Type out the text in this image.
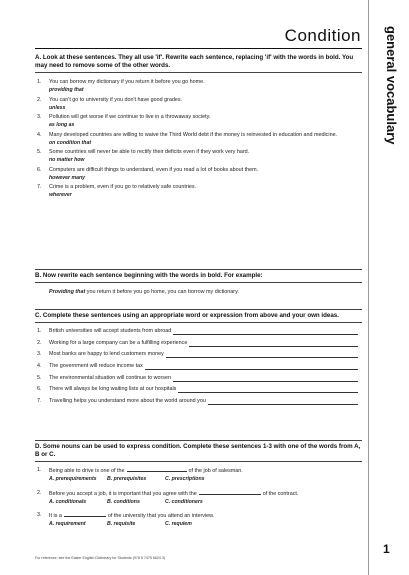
general vocabulary
Condition
A. Look at these sentences. They all use 'if'. Rewrite each sentence, replacing 'if' with the words in bold. You may need to remove some of the other words.
1. You can borrow my dictionary if you return it before you go home.
providing that
2. You can't go to university if you don't have good grades.
unless
3. Pollution will get worse if we continue to live in a throwaway society.
as long as
4. Many developed countries are willing to waive the Third World debt if the money is reinvested in education and medicine.
on condition that
5. Some countries will never be able to rectify their deficits even if they work very hard.
no matter how
6. Computers are difficult things to understand, even if you read a lot of books about them.
however many
7. Crime is a problem, even if you go to relatively safe countries.
wherever
B. Now rewrite each sentence beginning with the words in bold. For example:
Providing that you return it before you go home, you can borrow my dictionary.
C. Complete these sentences using an appropriate word or expression from above and your own ideas.
1. British universities will accept students from abroad
2. Working for a large company can be a fulfilling experience
3. Most banks are happy to lend customers money
4. The government will reduce income tax
5. The environmental situation will continue to worsen
6. There will always be long waiting lists at our hospitals
7. Travelling helps you understand more about the world around you
D. Some nouns can be used to express condition. Complete these sentences 1-3 with one of the words from A, B or C.
1. Being able to drive is one of the	of the job of salesman.
A. prerequirements	B. prerequisites	C. prescriptions
2. Before you accept a job, it is important that you agree with the	of the contract.
A. conditionals	B. conditions	C. conditioners
3. It is a	of the university that you attend an interview.
A. requirement	B. requisite	C. requiem
1
For reference, see the Easier English Dictionary for Students (978 0 7475 6624 3)
